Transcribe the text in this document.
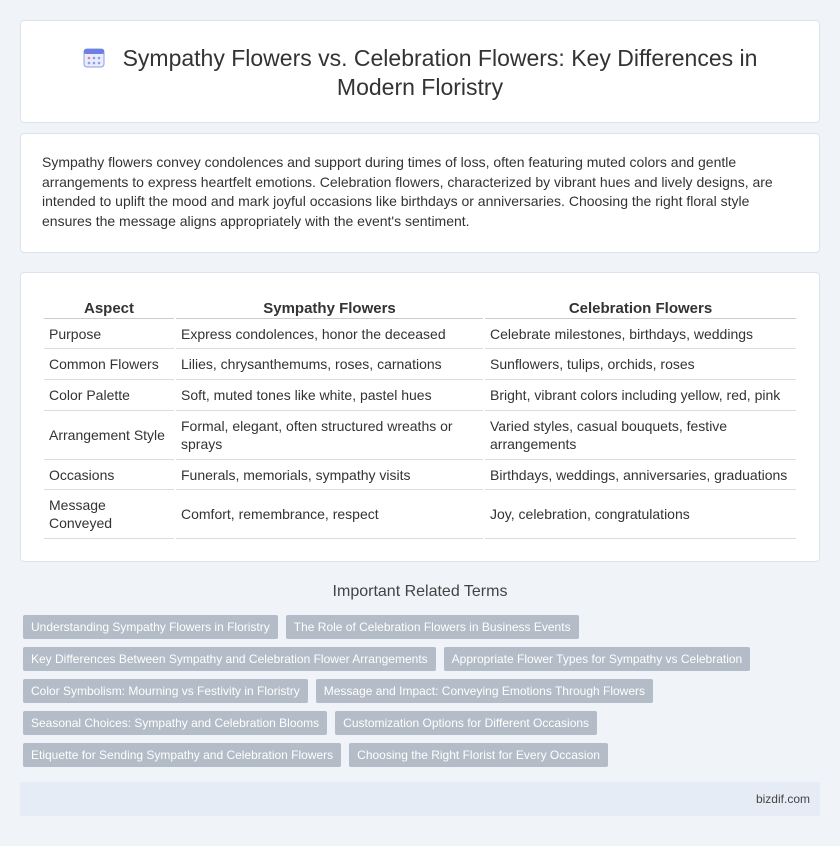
Sympathy Flowers vs. Celebration Flowers: Key Differences in Modern Floristry

Sympathy flowers convey condolences and support during times of loss, often featuring muted colors and gentle arrangements to express heartfelt emotions. Celebration flowers, characterized by vibrant hues and lively designs, are intended to uplift the mood and mark joyful occasions like birthdays or anniversaries. Choosing the right floral style ensures the message aligns appropriately with the event's sentiment.

Aspect	Sympathy Flowers	Celebration Flowers
Purpose	Express condolences, honor the deceased	Celebrate milestones, birthdays, weddings
Common Flowers	Lilies, chrysanthemums, roses, carnations	Sunflowers, tulips, orchids, roses
Color Palette	Soft, muted tones like white, pastel hues	Bright, vibrant colors including yellow, red, pink
Arrangement Style	Formal, elegant, often structured wreaths or sprays	Varied styles, casual bouquets, festive arrangements
Occasions	Funerals, memorials, sympathy visits	Birthdays, weddings, anniversaries, graduations
Message Conveyed	Comfort, remembrance, respect	Joy, celebration, congratulations
Important Related Terms
Understanding Sympathy Flowers in Floristry	The Role of Celebration Flowers in Business Events
Key Differences Between Sympathy and Celebration Flower Arrangements	Appropriate Flower Types for Sympathy vs Celebration
Color Symbolism: Mourning vs Festivity in Floristry	Message and Impact: Conveying Emotions Through Flowers
Seasonal Choices: Sympathy and Celebration Blooms	Customization Options for Different Occasions
Etiquette for Sending Sympathy and Celebration Flowers	Choosing the Right Florist for Every Occasion
bizdif.com
